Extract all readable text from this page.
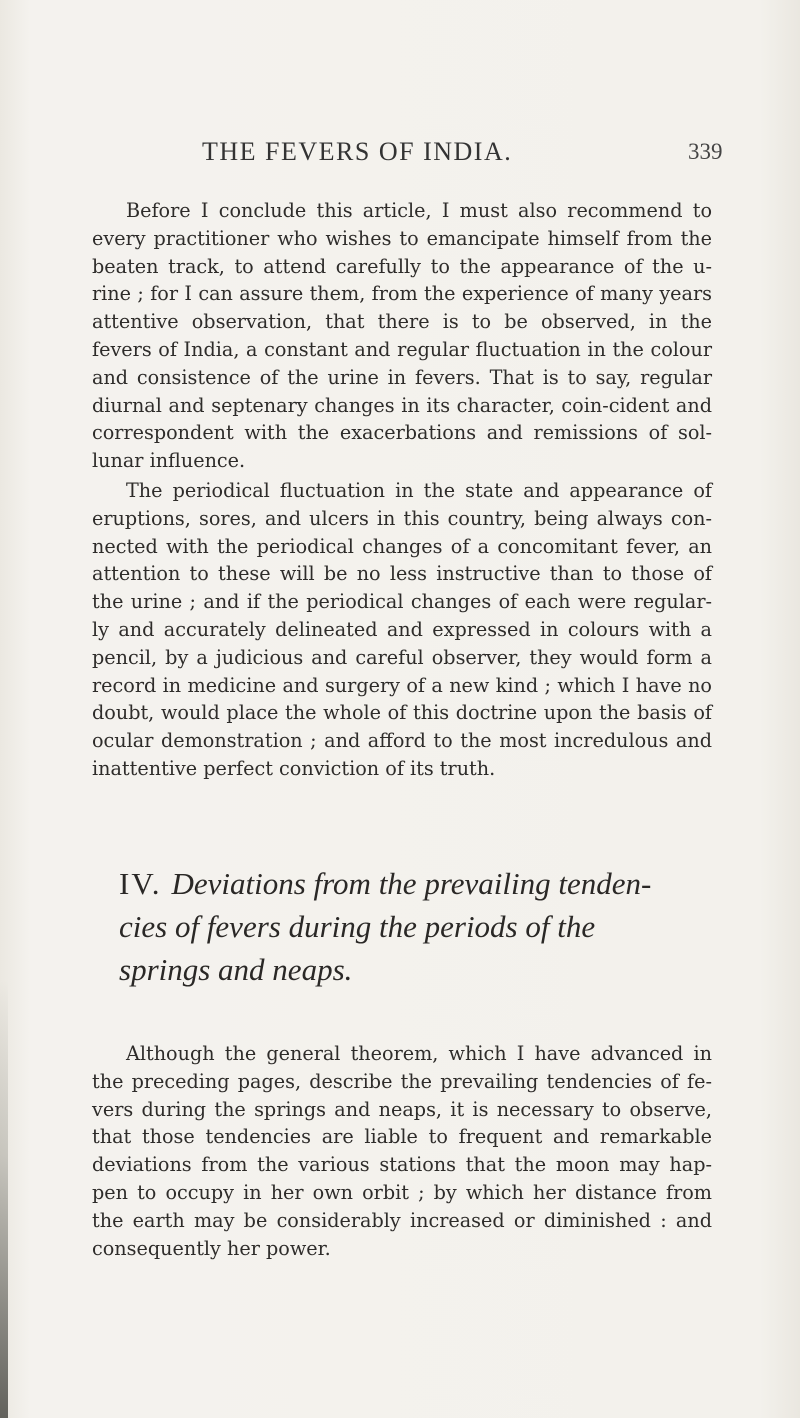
THE FEVERS OF INDIA.	339

Before I conclude this article, I must also recommend to every practitioner who wishes to emancipate himself from the beaten track, to attend carefully to the appearance of the u-rine ; for I can assure them, from the experience of many years attentive observation, that there is to be observed, in the fevers of India, a constant and regular fluctuation in the colour and consistence of the urine in fevers. That is to say, regular diurnal and septenary changes in its character, coin-cident and correspondent with the exacerbations and remissions of sol-lunar influence.

The periodical fluctuation in the state and appearance of eruptions, sores, and ulcers in this country, being always con-nected with the periodical changes of a concomitant fever, an attention to these will be no less instructive than to those of the urine ; and if the periodical changes of each were regular-ly and accurately delineated and expressed in colours with a pencil, by a judicious and careful observer, they would form a record in medicine and surgery of a new kind ; which I have no doubt, would place the whole of this doctrine upon the basis of ocular demonstration ; and afford to the most incredulous and inattentive perfect conviction of its truth.

IV. Deviations from the prevailing tenden-
cies of fevers during the periods of the
springs and neaps.

Although the general theorem, which I have advanced in the preceding pages, describe the prevailing tendencies of fe-vers during the springs and neaps, it is necessary to observe, that those tendencies are liable to frequent and remarkable deviations from the various stations that the moon may hap-pen to occupy in her own orbit ; by which her distance from the earth may be considerably increased or diminished : and consequently her power.
